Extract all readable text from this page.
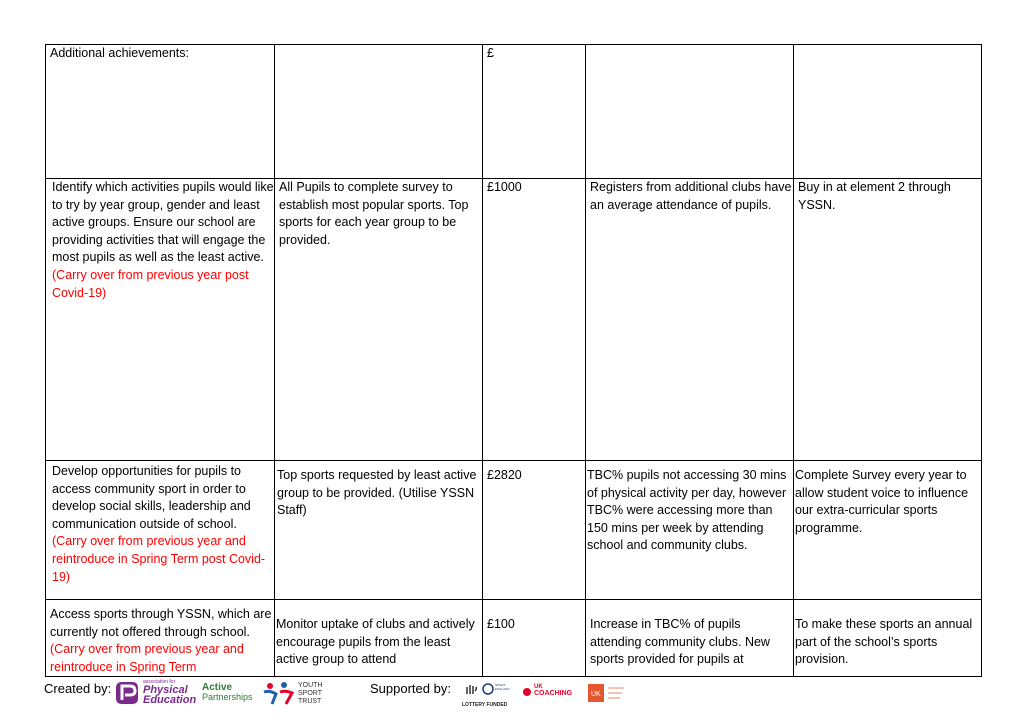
Additional achievements:		£		
Identify which activities pupils would like to try by year group, gender and least active groups. Ensure our school are providing activities that will engage the most pupils as well as the least active. (Carry over from previous year post Covid-19)	All Pupils to complete survey to establish most popular sports. Top sports for each year group to be provided.	£1000	Registers from additional clubs have an average attendance of pupils.	Buy in at element 2 through YSSN.
Develop opportunities for pupils to access community sport in order to develop social skills, leadership and communication outside of school. (Carry over from previous year and reintroduce in Spring Term post Covid-19)	Top sports requested by least active group to be provided. (Utilise YSSN Staff)	£2820	TBC% pupils not accessing 30 mins of physical activity per day, however TBC% were accessing more than 150 mins per week by attending school and community clubs.	Complete Survey every year to allow student voice to influence our extra-curricular sports programme.
Access sports through YSSN, which are currently not offered through school. (Carry over from previous year and reintroduce in Spring Term	Monitor uptake of clubs and actively encourage pupils from the least active group to attend	£100	Increase in TBC% of pupils attending community clubs. New sports provided for pupils at	To make these sports an annual part of the school’s sports provision.
Created by:	association for
Physical
Education
Active
Partnerships
YOUTH
SPORT
TRUST
Supported by:	SPORT ENGLAND
LOTTERY FUNDED
UK
COACHING	UK
